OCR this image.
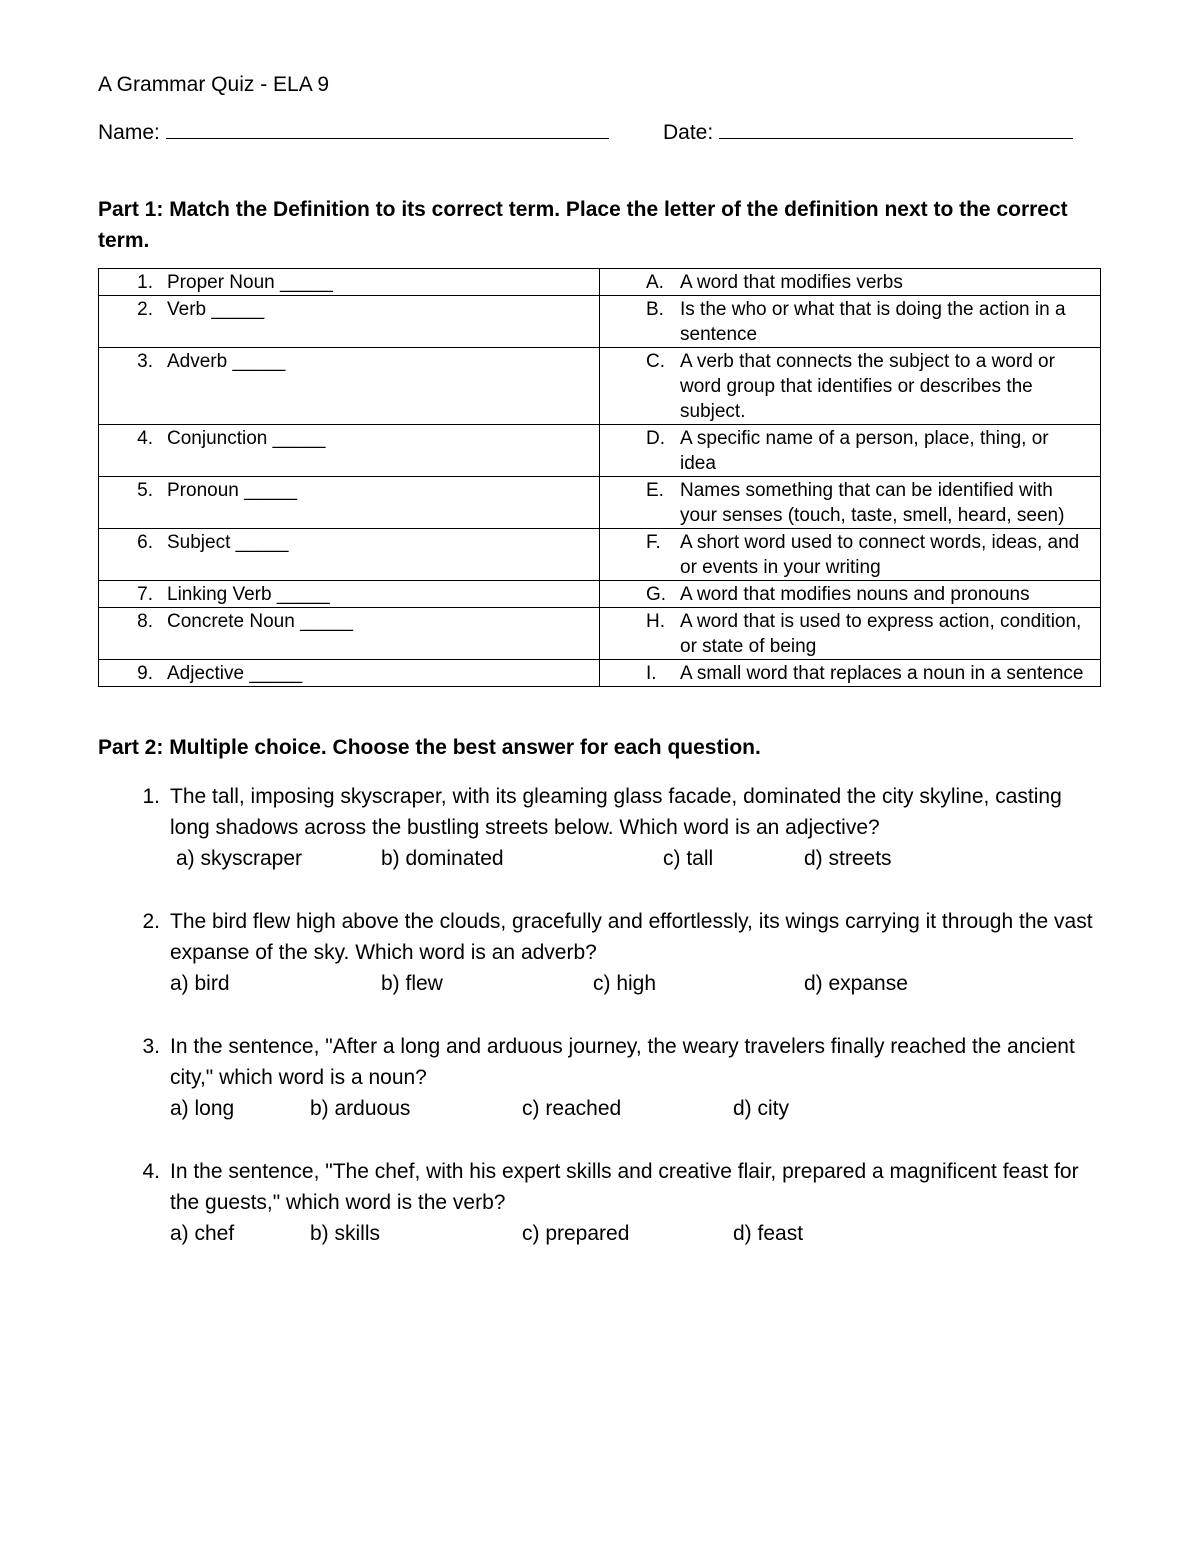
A Grammar Quiz - ELA 9
Name:	Date:
Part 1: Match the Definition to its correct term. Place the letter of the definition next to the correct term.
1. Proper Noun _____	A. A word that modifies verbs

2. Verb _____	B. Is the who or what that is doing the action in a sentence

3. Adverb _____	C. A verb that connects the subject to a word or word group that identifies or describes the subject.

4. Conjunction _____	D. A specific name of a person, place, thing, or idea

5. Pronoun _____	E. Names something that can be identified with your senses (touch, taste, smell, heard, seen)

6. Subject _____	F. A short word used to connect words, ideas, and or events in your writing

7. Linking Verb _____	G. A word that modifies nouns and pronouns

8. Concrete Noun _____	H. A word that is used to express action, condition, or state of being

9. Adjective _____	I. A small word that replaces a noun in a sentence
Part 2: Multiple choice. Choose the best answer for each question.
1. The tall, imposing skyscraper, with its gleaming glass facade, dominated the city skyline, casting long shadows across the bustling streets below. Which word is an adjective?
a) skyscraper	b) dominated	c) tall	d) streets
2. The bird flew high above the clouds, gracefully and effortlessly, its wings carrying it through the vast expanse of the sky. Which word is an adverb?
a) bird	b) flew	c) high	d) expanse
3. In the sentence, "After a long and arduous journey, the weary travelers finally reached the ancient city," which word is a noun?
a) long	b) arduous	c) reached	d) city
4. In the sentence, "The chef, with his expert skills and creative flair, prepared a magnificent feast for the guests," which word is the verb?
a) chef	b) skills	c) prepared	d) feast
